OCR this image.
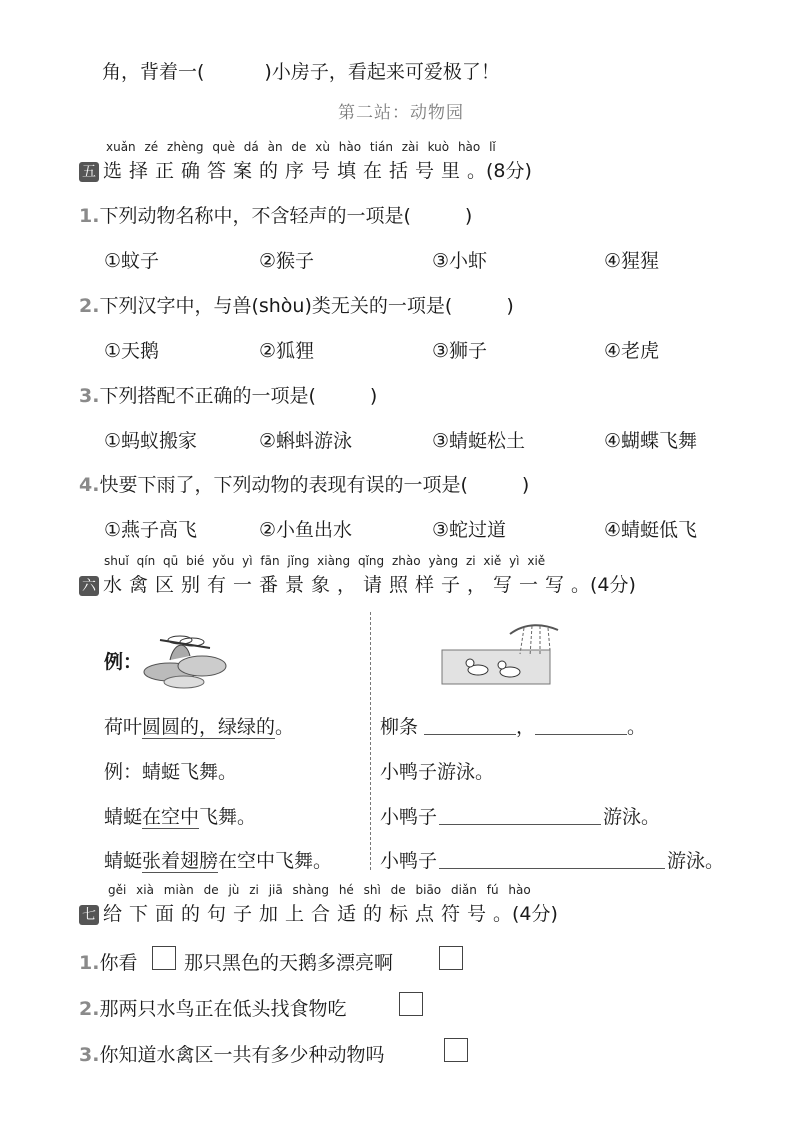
角，背着一(	)小房子，看起来可爱极了！
第二站：动物园
xuǎn zé zhèng què dá àn de xù hào tián zài kuò hào lǐ
五 选择正确答案的序号填在括号里。(8分)
1.下列动物名称中，不含轻声的一项是(	)
①蚊子	②猴子	③小虾	④猩猩
2.下列汉字中，与兽(shòu)类无关的一项是(	)
①天鹅	②狐狸	③狮子	④老虎
3.下列搭配不正确的一项是(	)
①蚂蚁搬家	②蝌蚪游泳	③蜻蜓松土	④蝴蝶飞舞
4.快要下雨了，下列动物的表现有误的一项是(	)
①燕子高飞	②小鱼出水	③蛇过道	④蜻蜓低飞
shuǐ qín qū bié yǒu yì fān jǐng xiàng qǐng zhào yàng zi xiě yì xiě
六 水禽区别有一番景象，请照样子，写一写。(4分)
例：
荷叶圆圆的，绿绿的。
例：蜻蜓飞舞。
蜻蜓在空中飞舞。
蜻蜓张着翅膀在空中飞舞。
柳条	，	。
小鸭子游泳。
小鸭子	游泳。
小鸭子	游泳。
gěi xià miàn de jù zi jiā shàng hé shì de biāo diǎn fú hào
七 给下面的句子加上合适的标点符号。(4分)
1.你看 那只黑色的天鹅多漂亮啊
2.那两只水鸟正在低头找食物吃
3.你知道水禽区一共有多少种动物吗
